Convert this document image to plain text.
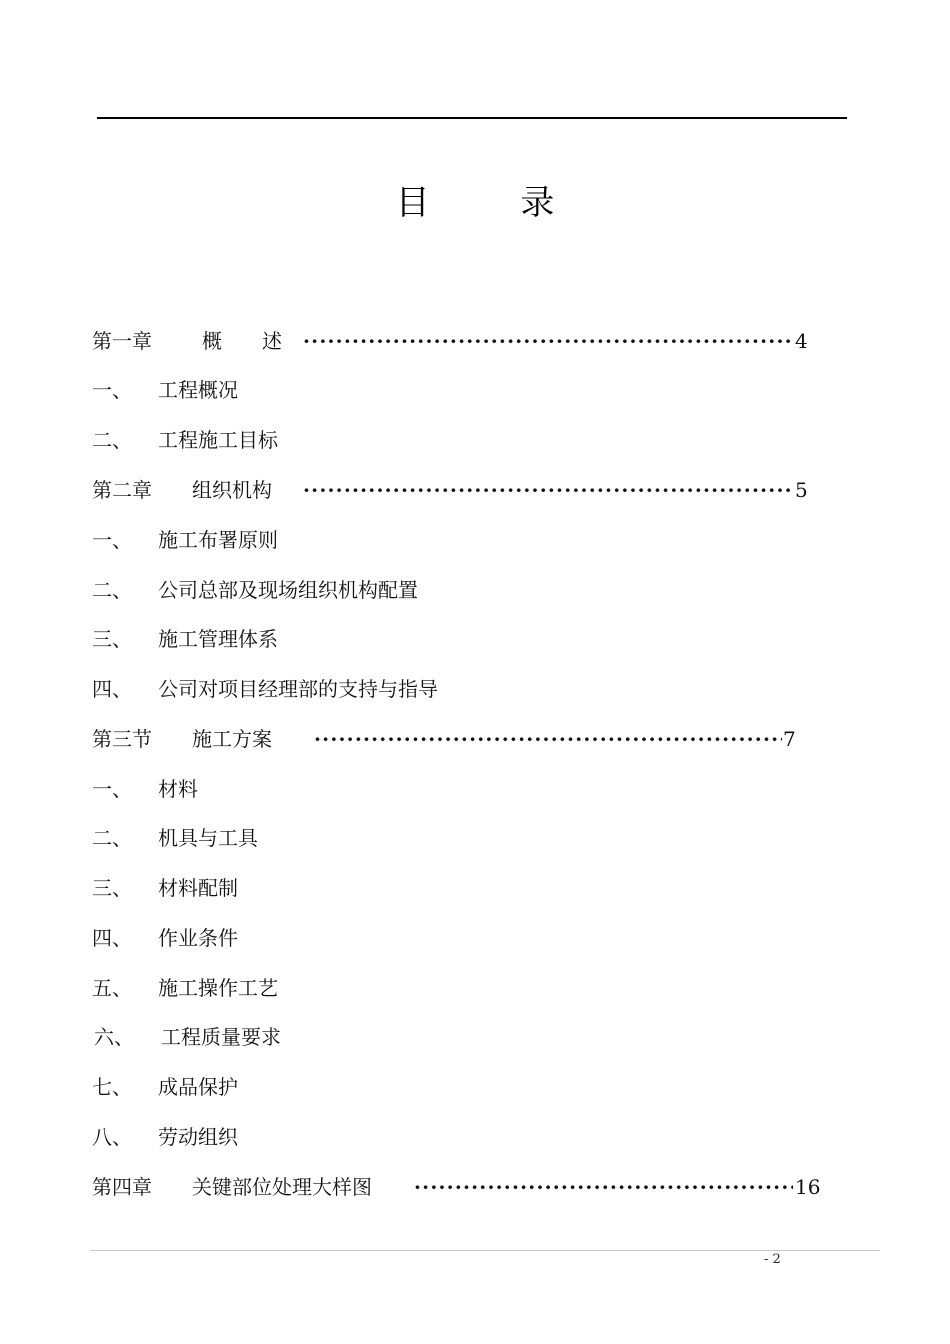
目 录
第一章	概　　述 ·····	4
一、 工程概况
二、 工程施工目标
第二章 组织机构 ·····	5
一、 施工布署原则
二、 公司总部及现场组织机构配置
三、 施工管理体系
四、 公司对项目经理部的支持与指导
第三节 施工方案 ·····	7
一、 材料
二、 机具与工具
三、 材料配制
四、 作业条件
五、 施工操作工艺
六、 工程质量要求
七、 成品保护
八、 劳动组织
第四章 关键部位处理大样图 ·····	16
- 2
